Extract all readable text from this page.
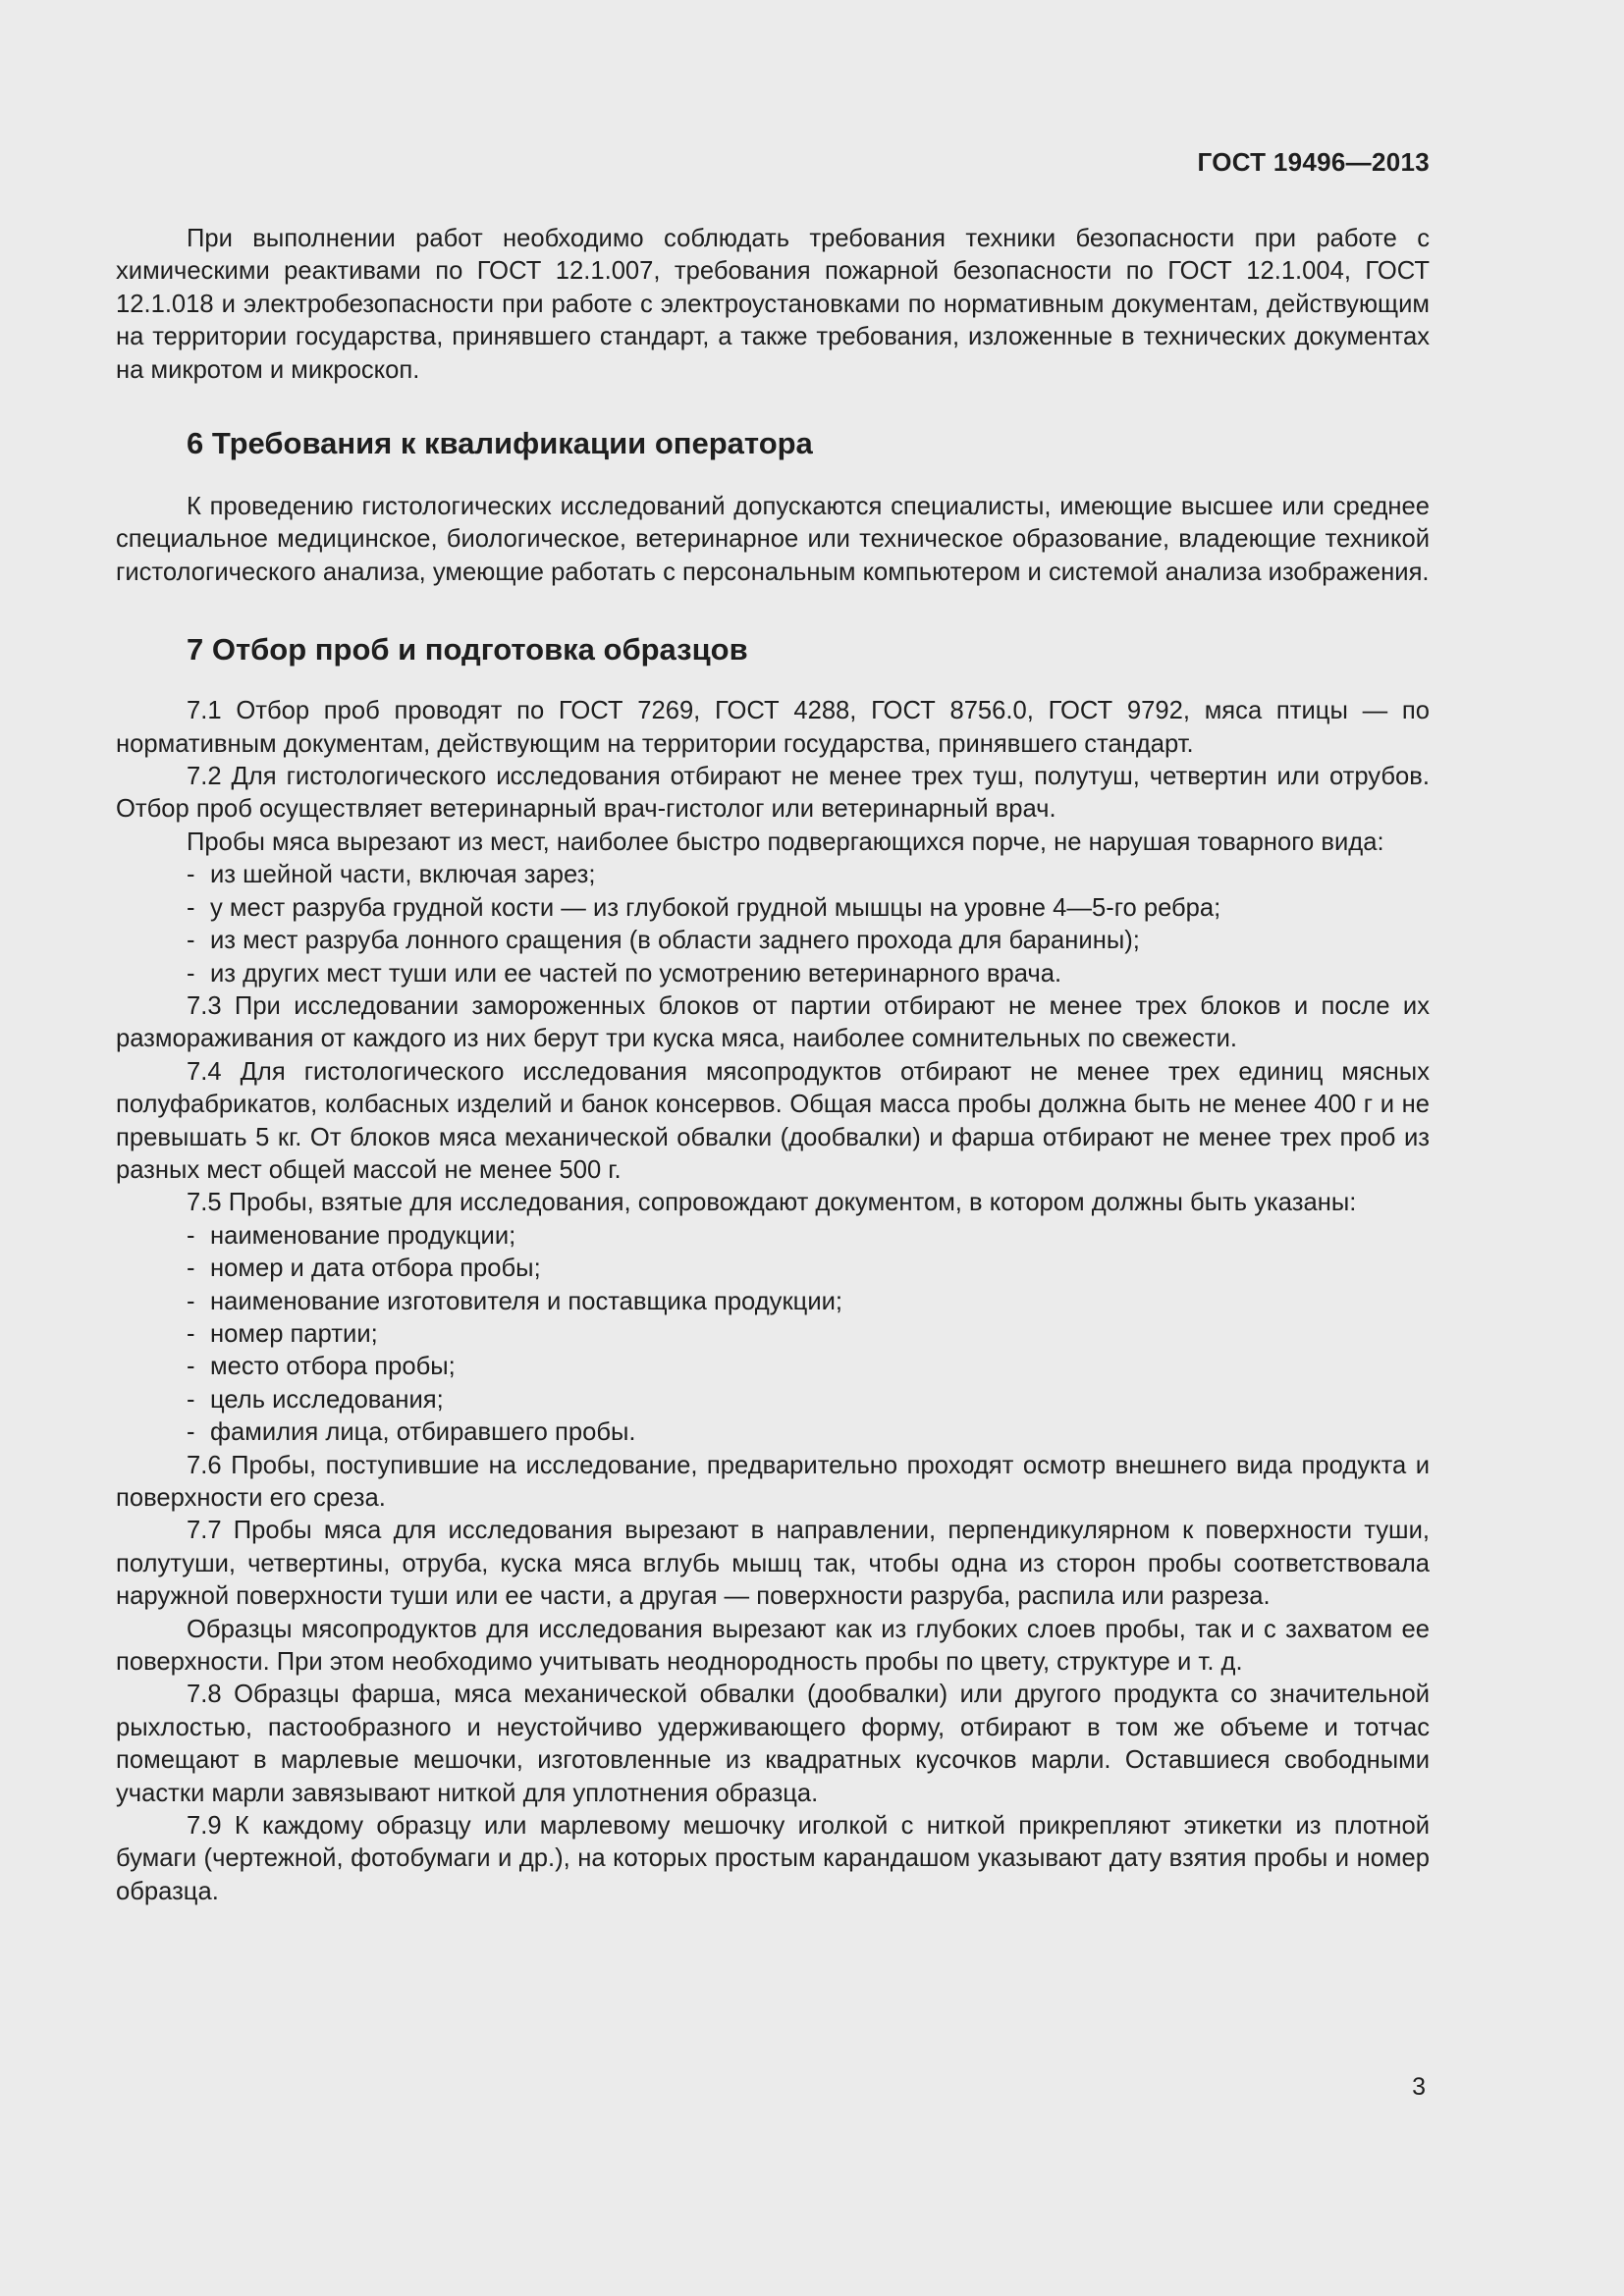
ГОСТ 19496—2013

При выполнении работ необходимо соблюдать требования техники безопасности при работе с химическими реактивами по ГОСТ 12.1.007, требования пожарной безопасности по ГОСТ 12.1.004, ГОСТ 12.1.018 и электробезопасности при работе с электроустановками по нормативным документам, действующим на территории государства, принявшего стандарт, а также требования, изложенные в технических документах на микротом и микроскоп.

6 Требования к квалификации оператора

К проведению гистологических исследований допускаются специалисты, имеющие высшее или среднее специальное медицинское, биологическое, ветеринарное или техническое образование, владеющие техникой гистологического анализа, умеющие работать с персональным компьютером и системой анализа изображения.

7 Отбор проб и подготовка образцов

7.1 Отбор проб проводят по ГОСТ 7269, ГОСТ 4288, ГОСТ 8756.0, ГОСТ 9792, мяса птицы — по нормативным документам, действующим на территории государства, принявшего стандарт.

7.2 Для гистологического исследования отбирают не менее трех туш, полутуш, четвертин или отрубов. Отбор проб осуществляет ветеринарный врач-гистолог или ветеринарный врач.

Пробы мяса вырезают из мест, наиболее быстро подвергающихся порче, не нарушая товарного вида:

- из шейной части, включая зарез;
- у мест разруба грудной кости — из глубокой грудной мышцы на уровне 4—5-го ребра;
- из мест разруба лонного сращения (в области заднего прохода для баранины);
- из других мест туши или ее частей по усмотрению ветеринарного врача.

7.3 При исследовании замороженных блоков от партии отбирают не менее трех блоков и после их размораживания от каждого из них берут три куска мяса, наиболее сомнительных по свежести.

7.4 Для гистологического исследования мясопродуктов отбирают не менее трех единиц мясных полуфабрикатов, колбасных изделий и банок консервов. Общая масса пробы должна быть не менее 400 г и не превышать 5 кг. От блоков мяса механической обвалки (дообвалки) и фарша отбирают не менее трех проб из разных мест общей массой не менее 500 г.

7.5 Пробы, взятые для исследования, сопровождают документом, в котором должны быть указаны:

- наименование продукции;
- номер и дата отбора пробы;
- наименование изготовителя и поставщика продукции;
- номер партии;
- место отбора пробы;
- цель исследования;
- фамилия лица, отбиравшего пробы.

7.6 Пробы, поступившие на исследование, предварительно проходят осмотр внешнего вида продукта и поверхности его среза.

7.7 Пробы мяса для исследования вырезают в направлении, перпендикулярном к поверхности туши, полутуши, четвертины, отруба, куска мяса вглубь мышц так, чтобы одна из сторон пробы соответствовала наружной поверхности туши или ее части, а другая — поверхности разруба, распила или разреза.

Образцы мясопродуктов для исследования вырезают как из глубоких слоев пробы, так и с захватом ее поверхности. При этом необходимо учитывать неоднородность пробы по цвету, структуре и т. д.

7.8 Образцы фарша, мяса механической обвалки (дообвалки) или другого продукта со значительной рыхлостью, пастообразного и неустойчиво удерживающего форму, отбирают в том же объеме и тотчас помещают в марлевые мешочки, изготовленные из квадратных кусочков марли. Оставшиеся свободными участки марли завязывают ниткой для уплотнения образца.

7.9 К каждому образцу или марлевому мешочку иголкой с ниткой прикрепляют этикетки из плотной бумаги (чертежной, фотобумаги и др.), на которых простым карандашом указывают дату взятия пробы и номер образца.

3
